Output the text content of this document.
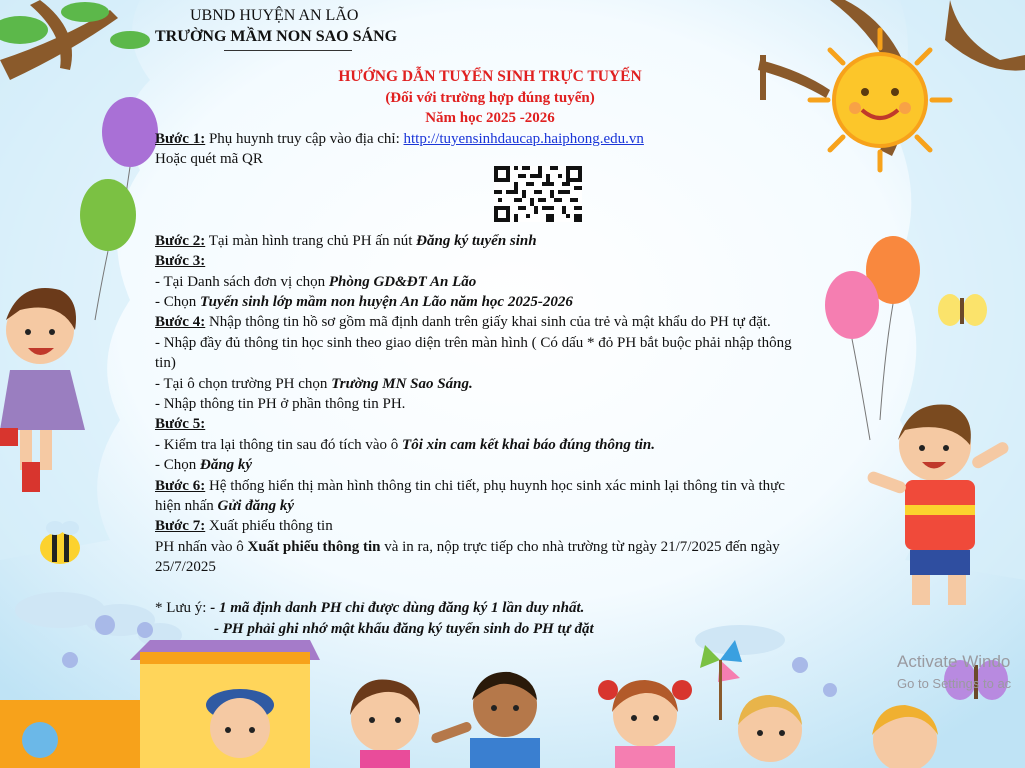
UBND HUYỆN AN LÃO
TRƯỜNG MẦM NON SAO SÁNG
HƯỚNG DẪN TUYỂN SINH TRỰC TUYẾN
(Đối với trường hợp đúng tuyến)
Năm học 2025 -2026
Bước 1: Phụ huynh truy cập vào địa chỉ: http://tuyensinhdaucap.haiphong.edu.vn
Hoặc quét mã QR
Bước 2: Tại màn hình trang chủ PH ấn nút Đăng ký tuyển sinh
Bước 3:
- Tại Danh sách đơn vị chọn Phòng GD&ĐT An Lão
- Chọn Tuyển sinh lớp mầm non huyện An Lão năm học 2025-2026
Bước 4: Nhập thông tin hồ sơ gồm mã định danh trên giấy khai sinh của trẻ và mật khẩu do PH tự đặt.
- Nhập đầy đủ thông tin học sinh theo giao diện trên màn hình ( Có dấu * đỏ PH bắt buộc phải nhập thông
tin)
- Tại ô chọn trường PH chọn Trường MN Sao Sáng.
- Nhập thông tin PH ở phần thông tin PH.
Bước 5:
- Kiểm tra lại thông tin sau đó tích vào ô Tôi xin cam kết khai báo đúng thông tin.
- Chọn Đăng ký
Bước 6: Hệ thống hiển thị màn hình thông tin chi tiết, phụ huynh học sinh xác minh lại thông tin và thực
hiện nhấn Gửi đăng ký
Bước 7: Xuất phiếu thông tin
PH nhấn vào ô Xuất phiếu thông tin và in ra, nộp trực tiếp cho nhà trường từ ngày 21/7/2025 đến ngày
25/7/2025
* Lưu ý: - 1 mã định danh PH chỉ được dùng đăng ký 1 lần duy nhất.
- PH phải ghi nhớ mật khẩu đăng ký tuyển sinh do PH tự đặt
Activate Windo
Go to Settings to ac
